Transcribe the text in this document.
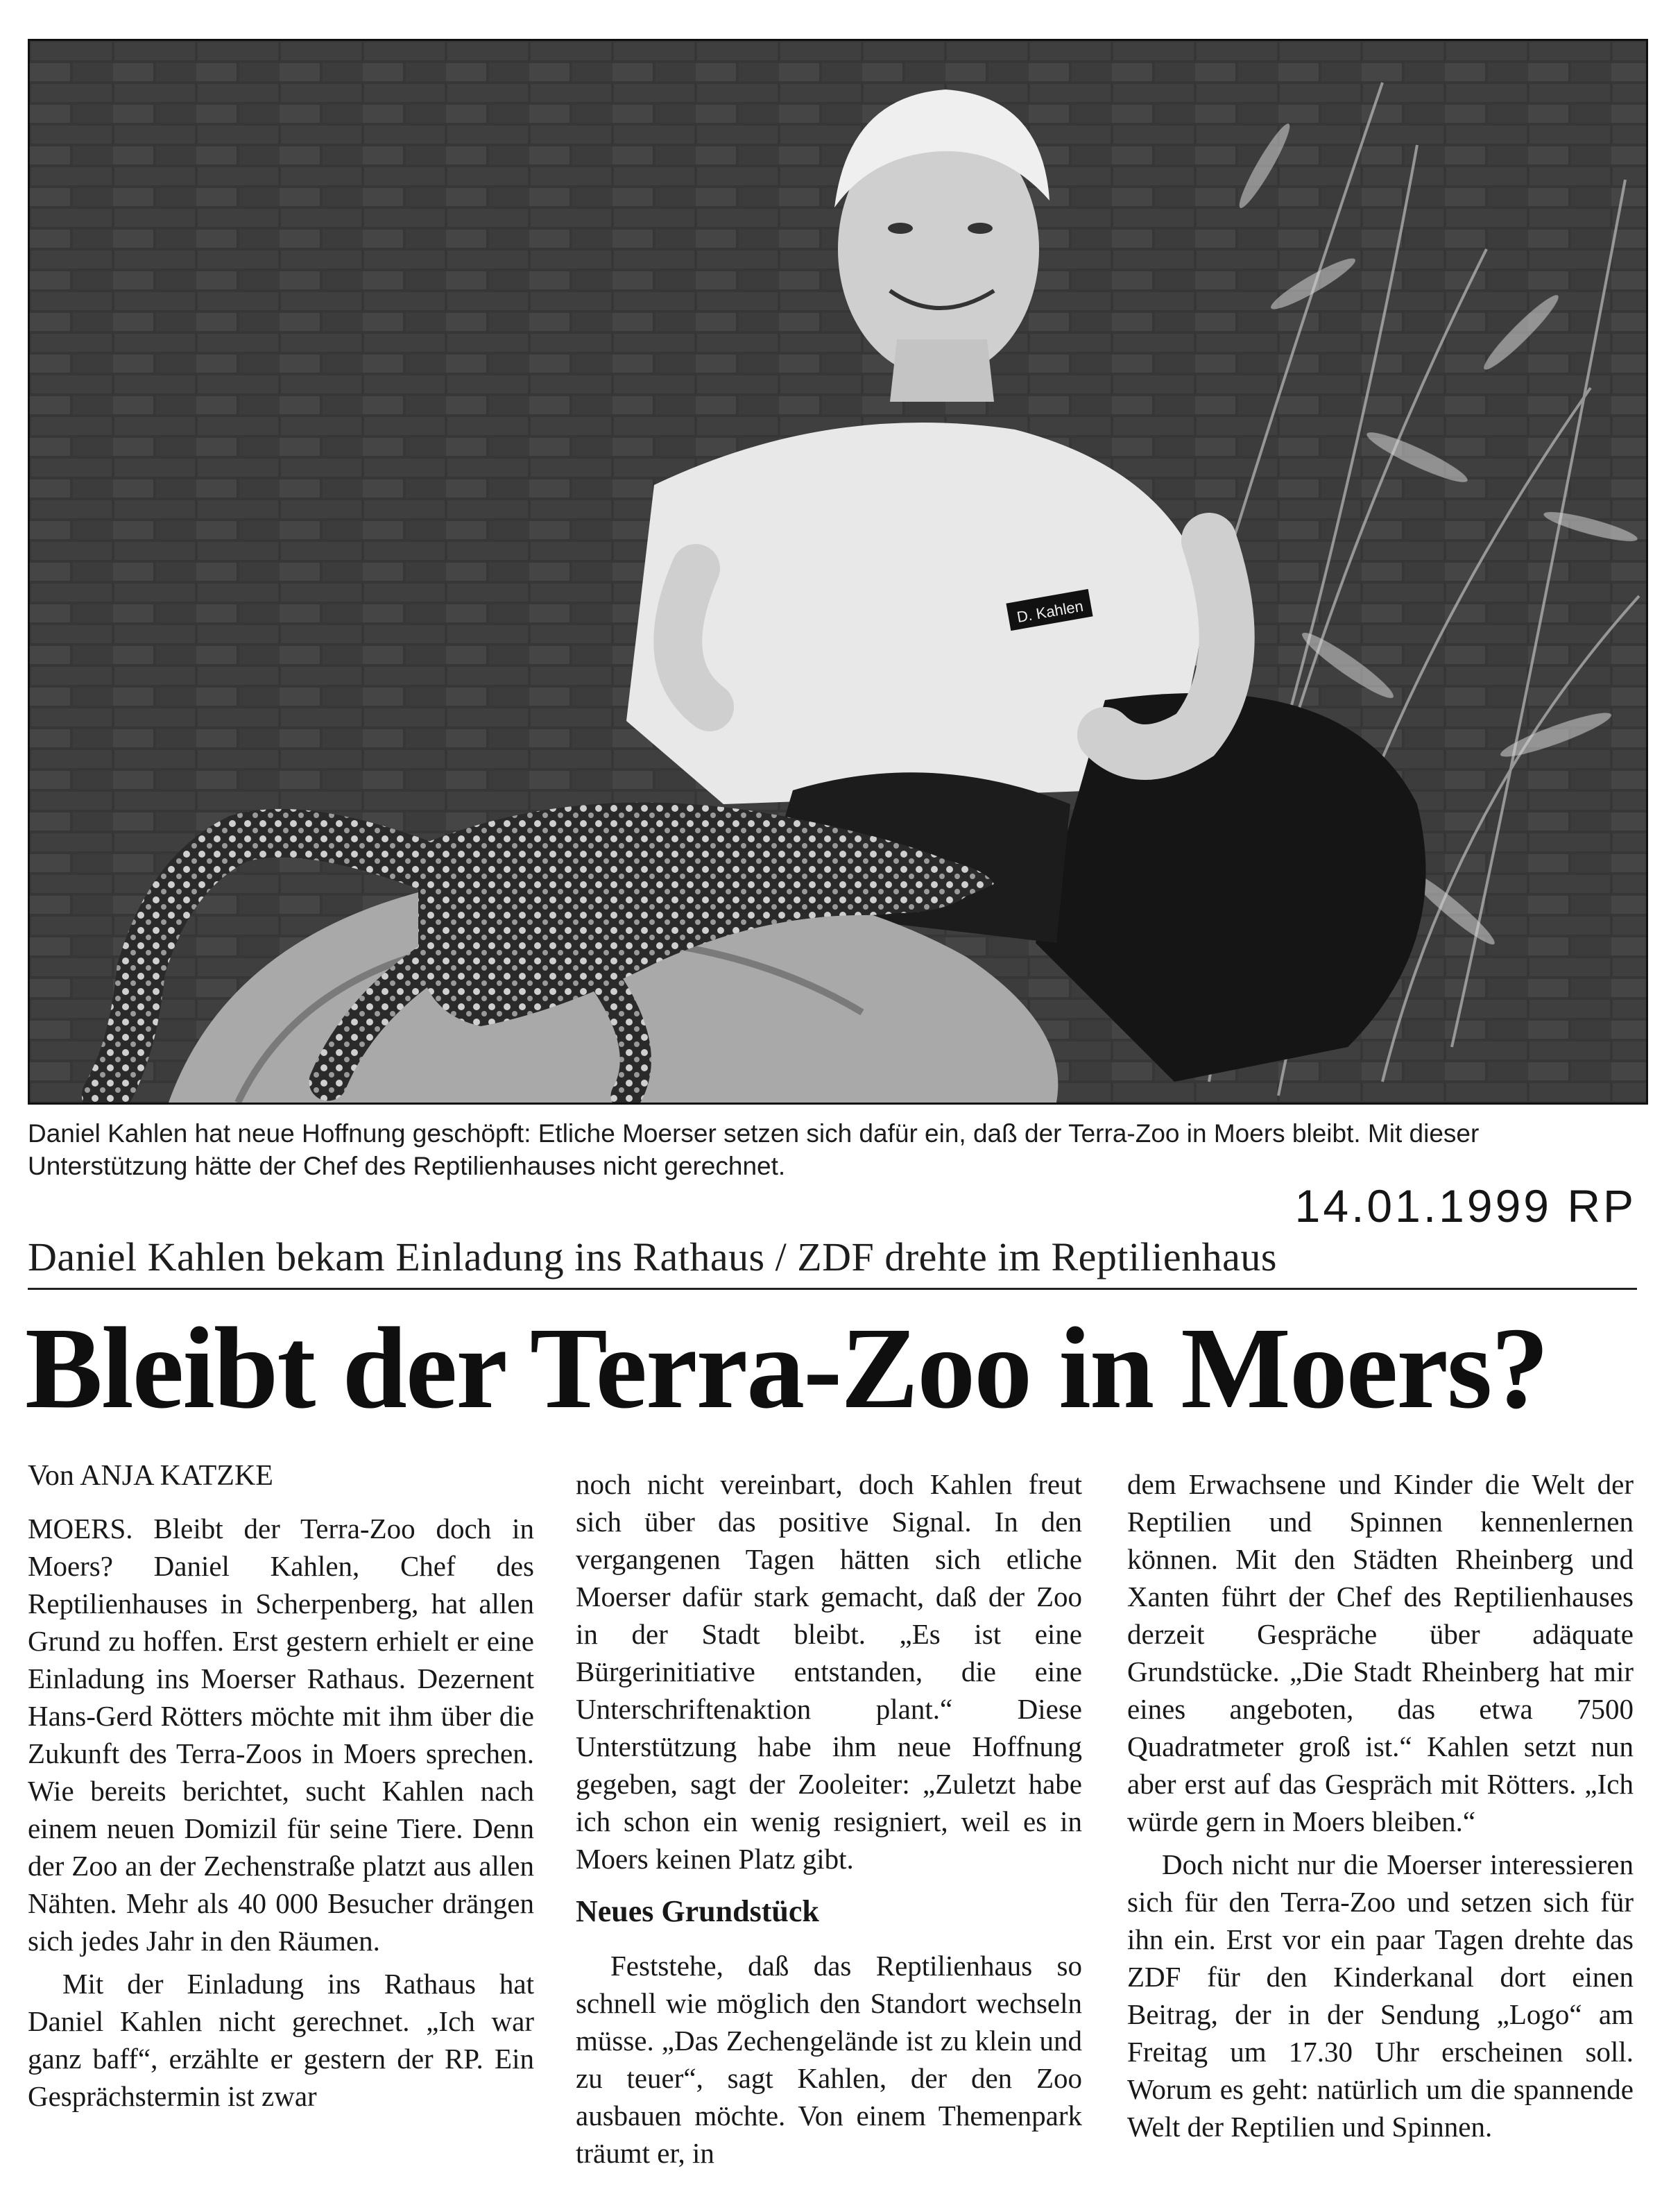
D. Kahlen
Daniel Kahlen hat neue Hoffnung geschöpft: Etliche Moerser setzen sich dafür ein, daß der Terra-Zoo in Moers bleibt. Mit dieser Unterstützung hätte der Chef des Reptilienhauses nicht gerechnet.
14.01.1999 RP
Daniel Kahlen bekam Einladung ins Rathaus / ZDF drehte im Reptilienhaus
Bleibt der Terra-Zoo in Moers?

Von ANJA KATZKE

MOERS. Bleibt der Terra-Zoo doch in Moers? Daniel Kahlen, Chef des Reptilienhauses in Scherpenberg, hat allen Grund zu hoffen. Erst gestern erhielt er eine Einladung ins Moerser Rathaus. Dezernent Hans-Gerd Rötters möchte mit ihm über die Zukunft des Terra-Zoos in Moers sprechen. Wie bereits berichtet, sucht Kahlen nach einem neuen Domizil für seine Tiere. Denn der Zoo an der Zechenstraße platzt aus allen Nähten. Mehr als 40 000 Besucher drängen sich jedes Jahr in den Räumen.

Mit der Einladung ins Rathaus hat Daniel Kahlen nicht gerechnet. „Ich war ganz baff“, erzählte er gestern der RP. Ein Gesprächstermin ist zwar

noch nicht vereinbart, doch Kahlen freut sich über das positive Signal. In den vergangenen Tagen hätten sich etliche Moerser dafür stark gemacht, daß der Zoo in der Stadt bleibt. „Es ist eine Bürgerinitiative entstanden, die eine Unterschriftenaktion plant.“ Diese Unterstützung habe ihm neue Hoffnung gegeben, sagt der Zooleiter: „Zuletzt habe ich schon ein wenig resigniert, weil es in Moers keinen Platz gibt.

Neues Grundstück

Feststehe, daß das Reptilienhaus so schnell wie möglich den Standort wechseln müsse. „Das Zechengelände ist zu klein und zu teuer“, sagt Kahlen, der den Zoo ausbauen möchte. Von einem Themenpark träumt er, in

dem Erwachsene und Kinder die Welt der Reptilien und Spinnen kennenlernen können. Mit den Städten Rheinberg und Xanten führt der Chef des Reptilienhauses derzeit Gespräche über adäquate Grundstücke. „Die Stadt Rheinberg hat mir eines angeboten, das etwa 7500 Quadratmeter groß ist.“ Kahlen setzt nun aber erst auf das Gespräch mit Rötters. „Ich würde gern in Moers bleiben.“

Doch nicht nur die Moerser interessieren sich für den Terra-Zoo und setzen sich für ihn ein. Erst vor ein paar Tagen drehte das ZDF für den Kinderkanal dort einen Beitrag, der in der Sendung „Logo“ am Freitag um 17.30 Uhr erscheinen soll. Worum es geht: natürlich um die spannende Welt der Reptilien und Spinnen.
